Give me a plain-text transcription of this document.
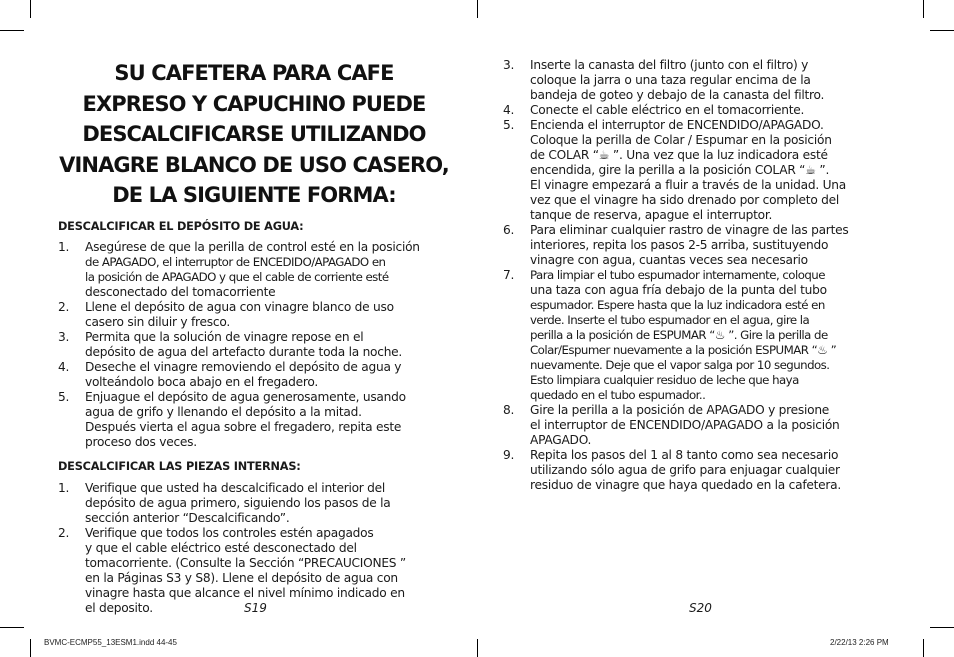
SU CAFETERA PARA CAFE
EXPRESO Y CAPUCHINO PUEDE
DESCALCIFICARSE UTILIZANDO
VINAGRE BLANCO DE USO CASERO,
DE LA SIGUIENTE FORMA:
DESCALCIFICAR EL DEPÓSITO DE AGUA:
1. Asegúrese de que la perilla de control esté en la posición
de APAGADO, el interruptor de ENCEDIDO/APAGADO en
la posición de APAGADO y que el cable de corriente esté
desconectado del tomacorriente
2. Llene el depósito de agua con vinagre blanco de uso
casero sin diluir y fresco.
3. Permita que la solución de vinagre repose en el
depósito de agua del artefacto durante toda la noche.
4. Deseche el vinagre removiendo el depósito de agua y
volteándolo boca abajo en el fregadero.
5. Enjuague el depósito de agua generosamente, usando
agua de grifo y llenando el depósito a la mitad.
Después vierta el agua sobre el fregadero, repita este
proceso dos veces.
DESCALCIFICAR LAS PIEZAS INTERNAS:
1. Verifique que usted ha descalcificado el interior del
depósito de agua primero, siguiendo los pasos de la
sección anterior “Descalcificando”.
2. Verifique que todos los controles estén apagados
y que el cable eléctrico esté desconectado del
tomacorriente. (Consulte la Sección “PRECAUCIONES ”
en la Páginas S3 y S8). Llene el depósito de agua con
vinagre hasta que alcance el nivel mínimo indicado en
el deposito.
3. Inserte la canasta del filtro (junto con el filtro) y
coloque la jarra o una taza regular encima de la
bandeja de goteo y debajo de la canasta del filtro.
4. Conecte el cable eléctrico en el tomacorriente.
5. Encienda el interruptor de ENCENDIDO/APAGADO.
Coloque la perilla de Colar / Espumar en la posición
de COLAR “☕ ”. Una vez que la luz indicadora esté
encendida, gire la perilla a la posición COLAR “☕ ”.
El vinagre empezará a fluir a través de la unidad. Una
vez que el vinagre ha sido drenado por completo del
tanque de reserva, apague el interruptor.
6. Para eliminar cualquier rastro de vinagre de las partes
interiores, repita los pasos 2-5 arriba, sustituyendo
vinagre con agua, cuantas veces sea necesario
7. Para limpiar el tubo espumador internamente, coloque
una taza con agua fría debajo de la punta del tubo
espumador. Espere hasta que la luz indicadora esté en
verde. Inserte el tubo espumador en el agua, gire la
perilla a la posición de ESPUMAR “♨ ”. Gire la perilla de
Colar/Espumer nuevamente a la posición ESPUMAR “♨ ”
nuevamente. Deje que el vapor salga por 10 segundos.
Esto limpiara cualquier residuo de leche que haya
quedado en el tubo espumador..
8. Gire la perilla a la posición de APAGADO y presione
el interruptor de ENCENDIDO/APAGADO a la posición
APAGADO.
9. Repita los pasos del 1 al 8 tanto como sea necesario
utilizando sólo agua de grifo para enjuagar cualquier
residuo de vinagre que haya quedado en la cafetera.
S19	S20
BVMC-ECMP55_13ESM1.indd 44-45	2/22/13 2:26 PM
